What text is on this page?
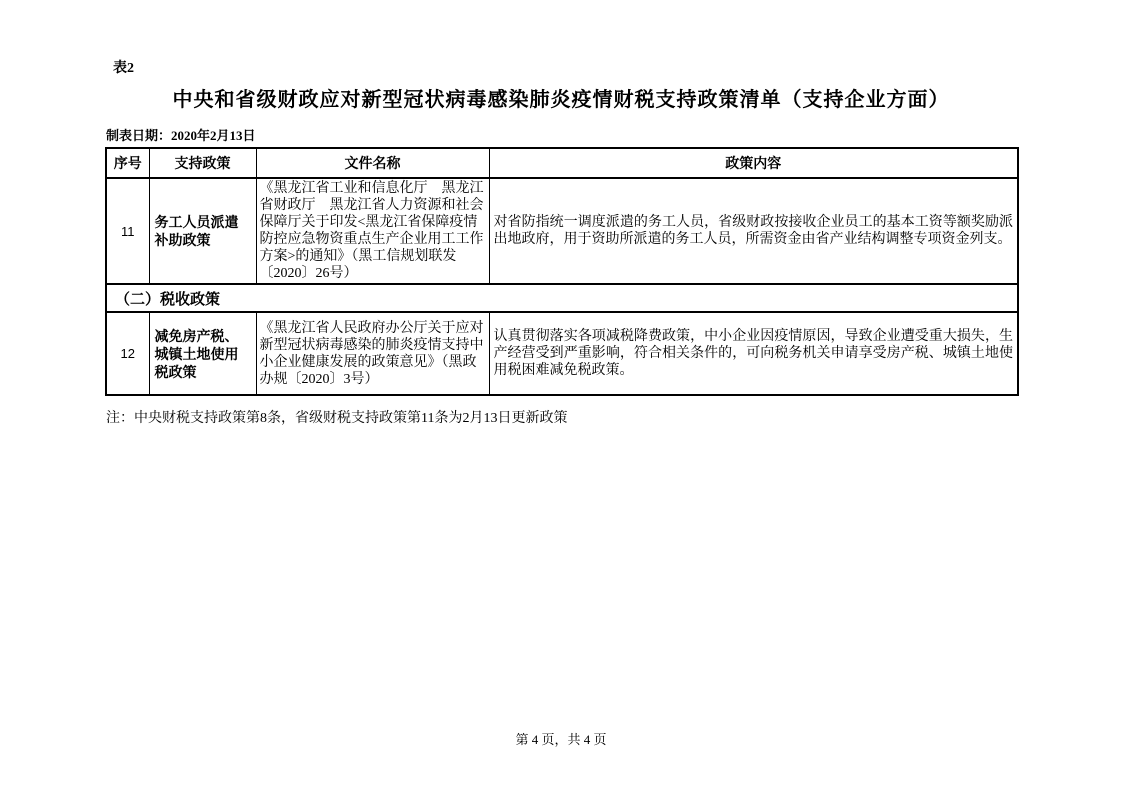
表2
中央和省级财政应对新型冠状病毒感染肺炎疫情财税支持政策清单（支持企业方面）
制表日期：2020年2月13日
序号	支持政策	文件名称	政策内容
11	务工人员派遣补助政策	《黑龙江省工业和信息化厅　黑龙江省财政厅　黑龙江省人力资源和社会保障厅关于印发<黑龙江省保障疫情防控应急物资重点生产企业用工工作方案>的通知》（黑工信规划联发〔2020〕26号）	对省防指统一调度派遣的务工人员，省级财政按接收企业员工的基本工资等额奖励派出地政府，用于资助所派遣的务工人员，所需资金由省产业结构调整专项资金列支。
（二）税收政策			
12	减免房产税、城镇土地使用税政策	《黑龙江省人民政府办公厅关于应对新型冠状病毒感染的肺炎疫情支持中小企业健康发展的政策意见》（黑政办规〔2020〕3号）	认真贯彻落实各项减税降费政策，中小企业因疫情原因，导致企业遭受重大损失，生产经营受到严重影响，符合相关条件的，可向税务机关申请享受房产税、城镇土地使用税困难减免税政策。
注：中央财税支持政策第8条，省级财税支持政策第11条为2月13日更新政策
第 4 页，共 4 页
